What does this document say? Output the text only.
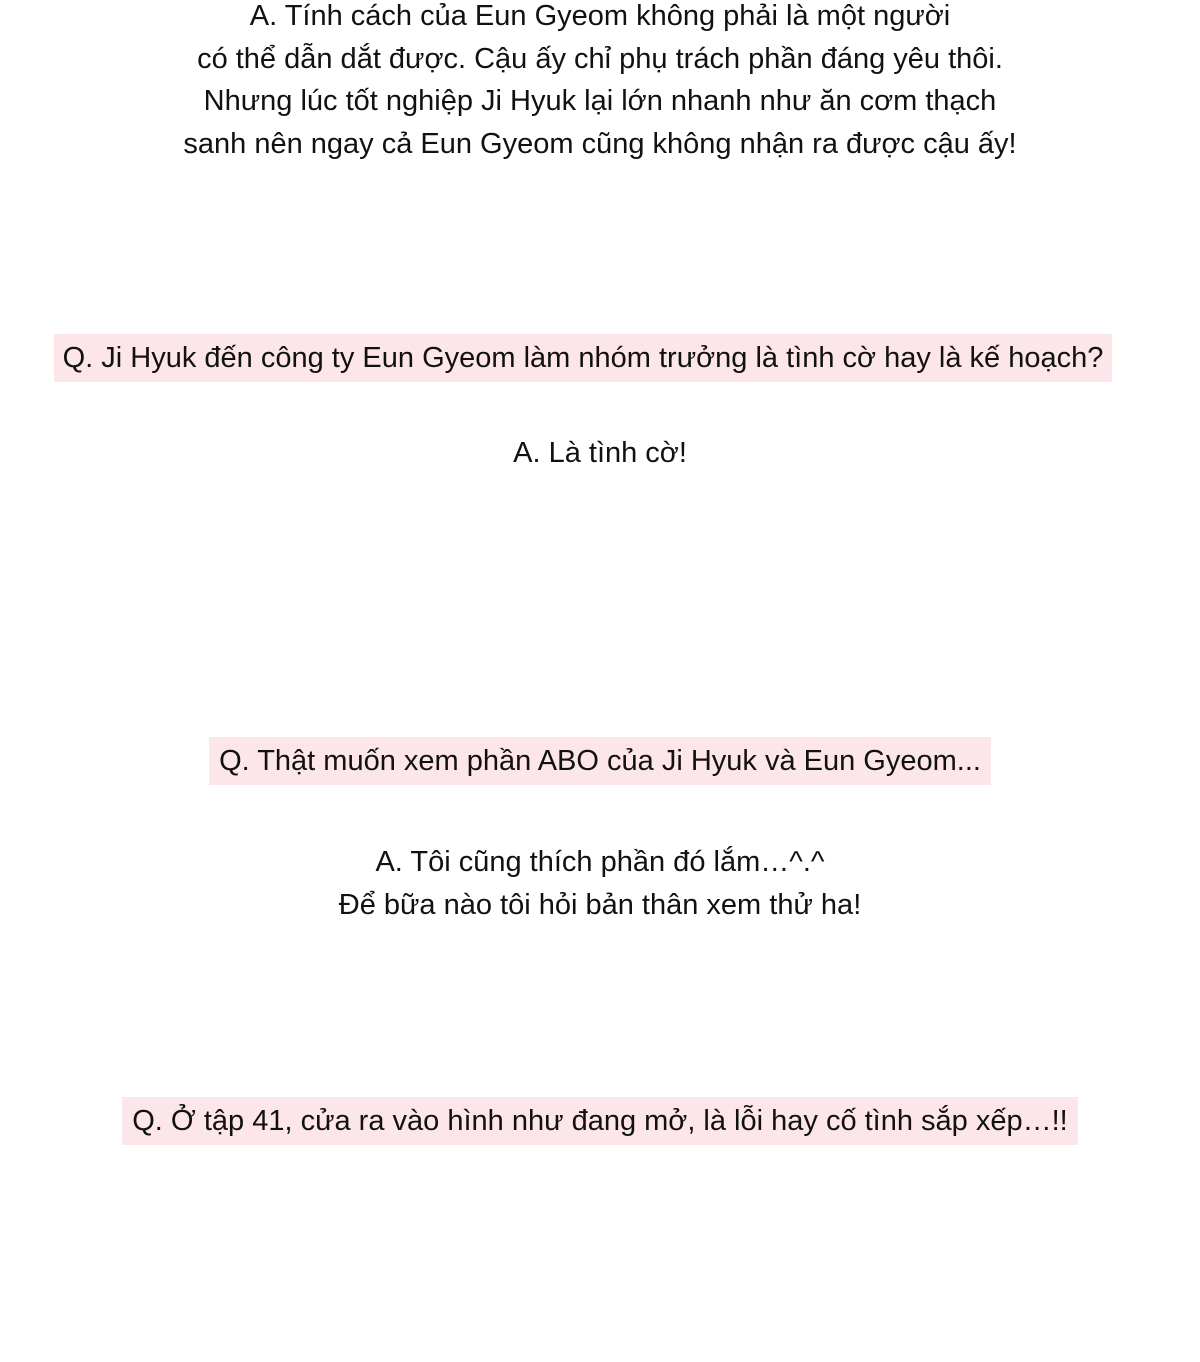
A. Tính cách của Eun Gyeom không phải là một người
có thể dẫn dắt được. Cậu ấy chỉ phụ trách phần đáng yêu thôi.
Nhưng lúc tốt nghiệp Ji Hyuk lại lớn nhanh như ăn cơm thạch
sanh nên ngay cả Eun Gyeom cũng không nhận ra được cậu ấy!
Q. Ji Hyuk đến công ty Eun Gyeom làm nhóm trưởng là tình cờ hay là kế hoạch?
A. Là tình cờ!
Q. Thật muốn xem phần ABO của Ji Hyuk và Eun Gyeom...
A. Tôi cũng thích phần đó lắm…^.^
Để bữa nào tôi hỏi bản thân xem thử ha!
Q. Ở tập 41, cửa ra vào hình như đang mở, là lỗi hay cố tình sắp xếp…!!
